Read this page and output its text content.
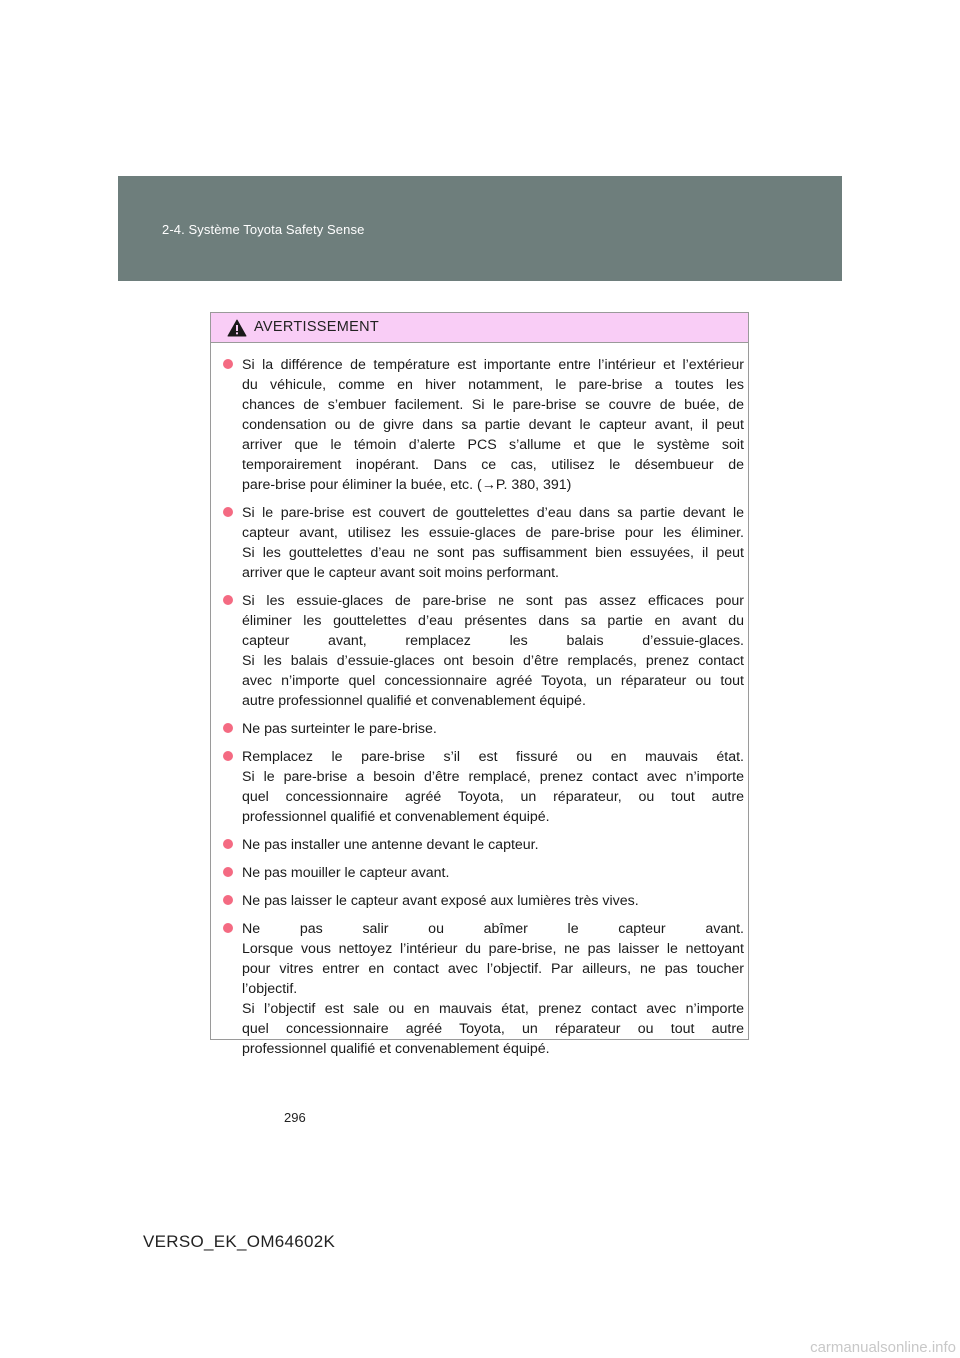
2-4. Système Toyota Safety Sense
AVERTISSEMENT
Si la différence de température est importante entre l’intérieur et l’extérieur
du véhicule, comme en hiver notamment, le pare-brise a toutes les
chances de s’embuer facilement. Si le pare-brise se couvre de buée, de
condensation ou de givre dans sa partie devant le capteur avant, il peut
arriver que le témoin d’alerte PCS s’allume et que le système soit
temporairement inopérant. Dans ce cas, utilisez le désembueur de
pare-brise pour éliminer la buée, etc. (→P. 380, 391)
Si le pare-brise est couvert de gouttelettes d’eau dans sa partie devant le
capteur avant, utilisez les essuie-glaces de pare-brise pour les éliminer.
Si les gouttelettes d’eau ne sont pas suffisamment bien essuyées, il peut
arriver que le capteur avant soit moins performant.
Si les essuie-glaces de pare-brise ne sont pas assez efficaces pour
éliminer les gouttelettes d’eau présentes dans sa partie en avant du
capteur avant, remplacez les balais d’essuie-glaces.
Si les balais d’essuie-glaces ont besoin d’être remplacés, prenez contact
avec n’importe quel concessionnaire agréé Toyota, un réparateur ou tout
autre professionnel qualifié et convenablement équipé.
Ne pas surteinter le pare-brise.
Remplacez le pare-brise s’il est fissuré ou en mauvais état.
Si le pare-brise a besoin d’être remplacé, prenez contact avec n’importe
quel concessionnaire agréé Toyota, un réparateur, ou tout autre
professionnel qualifié et convenablement équipé.
Ne pas installer une antenne devant le capteur.
Ne pas mouiller le capteur avant.
Ne pas laisser le capteur avant exposé aux lumières très vives.
Ne pas salir ou abîmer le capteur avant.
Lorsque vous nettoyez l’intérieur du pare-brise, ne pas laisser le nettoyant
pour vitres entrer en contact avec l’objectif. Par ailleurs, ne pas toucher
l’objectif.
Si l’objectif est sale ou en mauvais état, prenez contact avec n’importe
quel concessionnaire agréé Toyota, un réparateur ou tout autre
professionnel qualifié et convenablement équipé.
296
VERSO_EK_OM64602K
carmanualsonline.info
